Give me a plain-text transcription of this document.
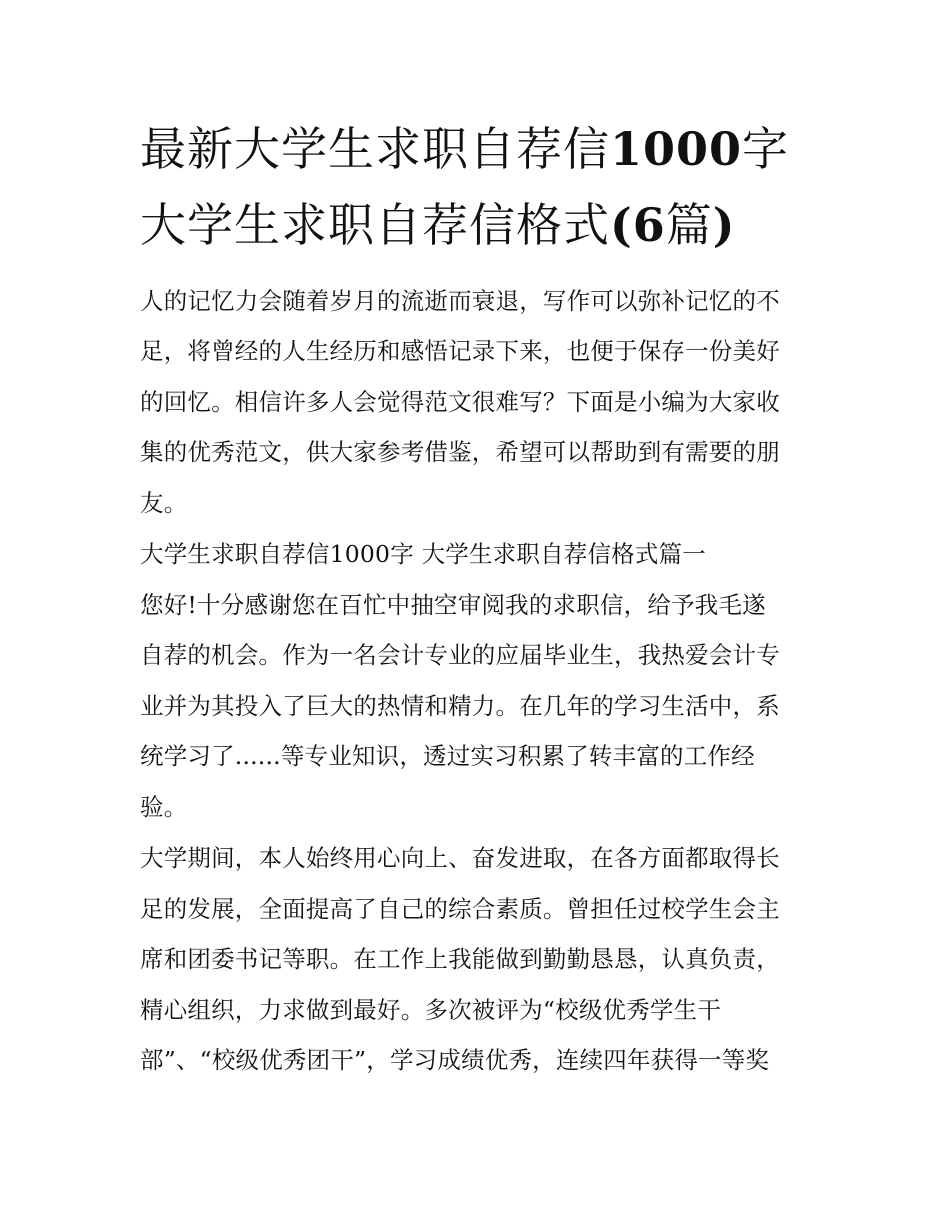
最新大学生求职自荐信1000字
大学生求职自荐信格式(6篇)

人的记忆力会随着岁月的流逝而衰退，写作可以弥补记忆的不

足，将曾经的人生经历和感悟记录下来，也便于保存一份美好

的回忆。相信许多人会觉得范文很难写？下面是小编为大家收

集的优秀范文，供大家参考借鉴，希望可以帮助到有需要的朋

友。

大学生求职自荐信1000字 大学生求职自荐信格式篇一

您好!十分感谢您在百忙中抽空审阅我的求职信，给予我毛遂

自荐的机会。作为一名会计专业的应届毕业生，我热爱会计专

业并为其投入了巨大的热情和精力。在几年的学习生活中，系

统学习了......等专业知识，透过实习积累了转丰富的工作经

验。

大学期间，本人始终用心向上、奋发进取，在各方面都取得长

足的发展，全面提高了自己的综合素质。曾担任过校学生会主

席和团委书记等职。在工作上我能做到勤勤恳恳，认真负责，

精心组织，力求做到最好。多次被评为“校级优秀学生干

部”、“校级优秀团干”，学习成绩优秀，连续四年获得一等奖
